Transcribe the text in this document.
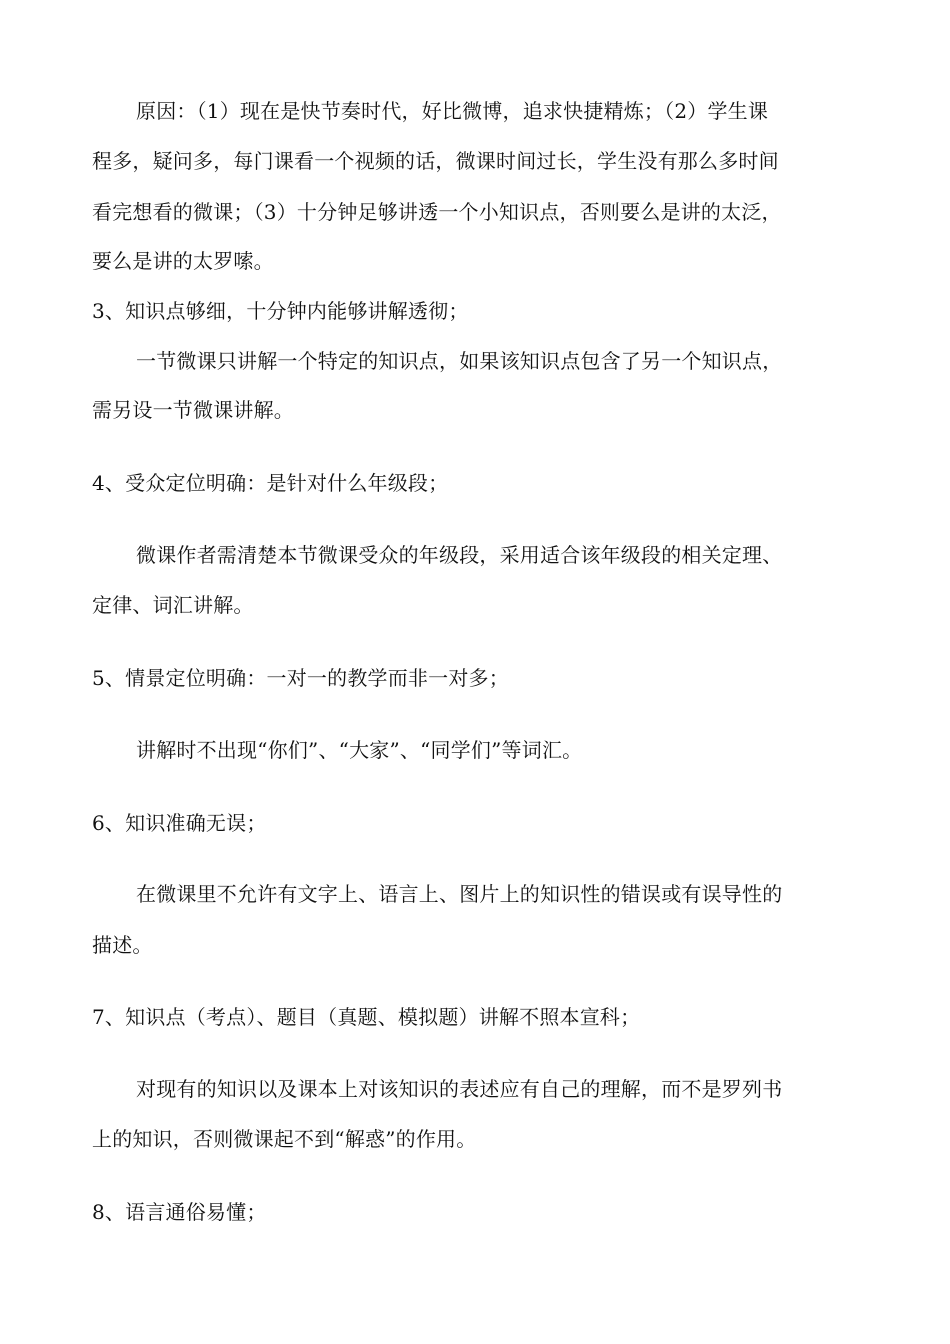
原因：（1）现在是快节奏时代，好比微博，追求快捷精炼；（2）学生课
程多，疑问多，每门课看一个视频的话，微课时间过长，学生没有那么多时间
看完想看的微课；（3）十分钟足够讲透一个小知识点，否则要么是讲的太泛，
要么是讲的太罗嗦。
3、知识点够细，十分钟内能够讲解透彻；
一节微课只讲解一个特定的知识点，如果该知识点包含了另一个知识点，
需另设一节微课讲解。
4、受众定位明确：是针对什么年级段；
微课作者需清楚本节微课受众的年级段，采用适合该年级段的相关定理、
定律、词汇讲解。
5、情景定位明确：一对一的教学而非一对多；
讲解时不出现“你们”、“大家”、“同学们”等词汇。
6、知识准确无误；
在微课里不允许有文字上、语言上、图片上的知识性的错误或有误导性的
描述。
7、知识点（考点）、题目（真题、模拟题）讲解不照本宣科；
对现有的知识以及课本上对该知识的表述应有自己的理解，而不是罗列书
上的知识，否则微课起不到“解惑”的作用。
8、语言通俗易懂；
